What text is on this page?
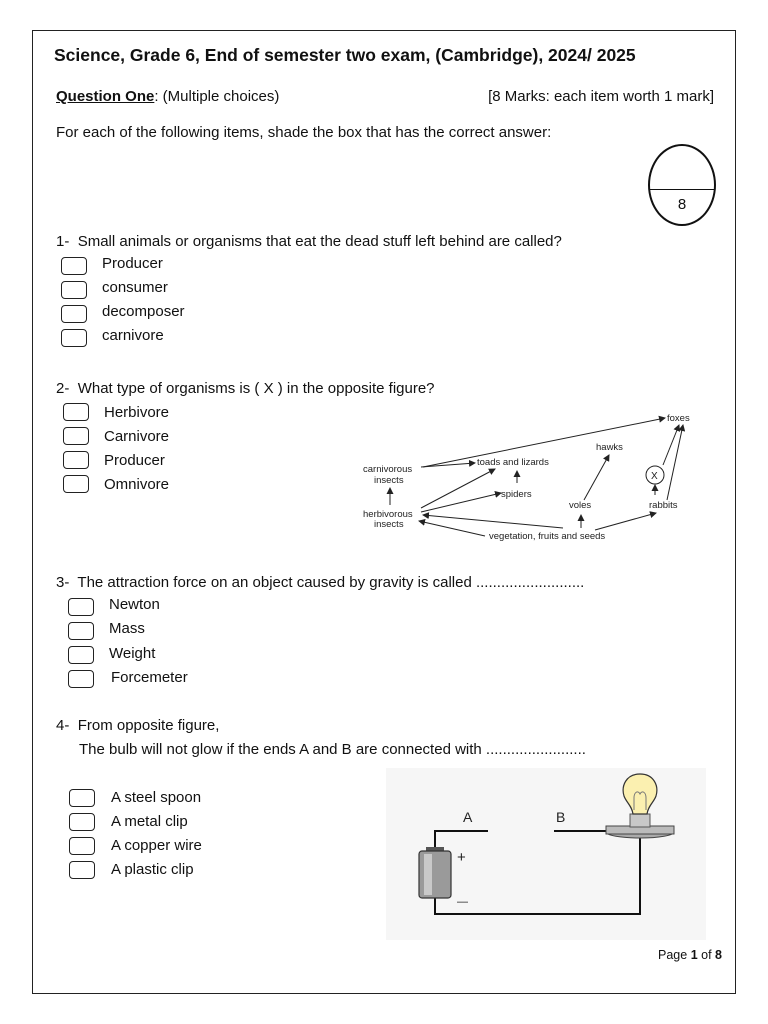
Science, Grade 6, End of semester two exam, (Cambridge), 2024/ 2025
Question One: (Multiple choices)	[8 Marks: each item worth 1 mark]
For each of the following items, shade the box that has the correct answer:
8
1- Small animals or organisms that eat the dead stuff left behind are called?
Producer
consumer
decomposer
carnivore
2- What type of organisms is ( X ) in the opposite figure?
Herbivore
Carnivore
Producer
Omnivore
foxes
hawks
toads and lizards
carnivorous
insects
spiders
X
voles	rabbits
herbivorous
insects
vegetation, fruits and seeds
3- The attraction force on an object caused by gravity is called ..........................
Newton
Mass
Weight
Forcemeter
4- From opposite figure,
The bulb will not glow if the ends A and B are connected with ........................
A steel spoon
A metal clip
A copper wire
A plastic clip
A	B
+
—
Page 1 of 8
